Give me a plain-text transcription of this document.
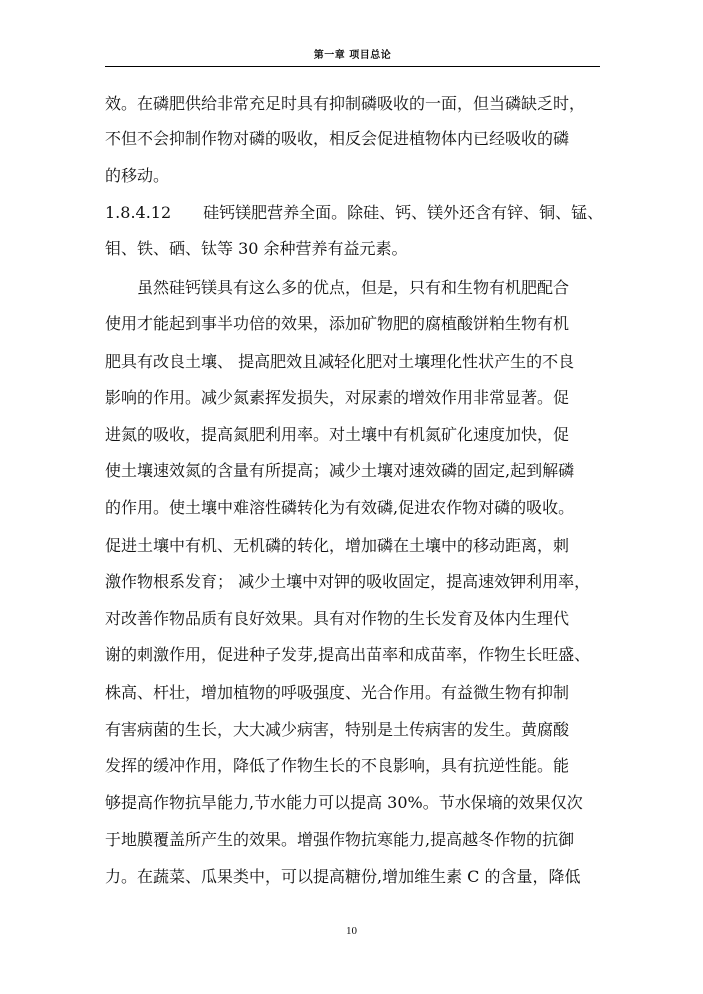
第一章 项目总论
效。在磷肥供给非常充足时具有抑制磷吸收的一面，但当磷缺乏时，
不但不会抑制作物对磷的吸收，相反会促进植物体内已经吸收的磷
的移动。
1.8.4.12　　硅钙镁肥营养全面。除硅、钙、镁外还含有锌、铜、锰、
钼、铁、硒、钛等 30 余种营养有益元素。
　　虽然硅钙镁具有这么多的优点，但是，只有和生物有机肥配合
使用才能起到事半功倍的效果，添加矿物肥的腐植酸饼粕生物有机
肥具有改良土壤、 提高肥效且减轻化肥对土壤理化性状产生的不良
影响的作用。减少氮素挥发损失，对尿素的增效作用非常显著。促
进氮的吸收，提高氮肥利用率。对土壤中有机氮矿化速度加快，促
使土壤速效氮的含量有所提高；减少土壤对速效磷的固定,起到解磷
的作用。使土壤中难溶性磷转化为有效磷,促进农作物对磷的吸收。
促进土壤中有机、无机磷的转化，增加磷在土壤中的移动距离，刺
激作物根系发育； 减少土壤中对钾的吸收固定，提高速效钾利用率，
对改善作物品质有良好效果。具有对作物的生长发育及体内生理代
谢的刺激作用，促进种子发芽,提高出苗率和成苗率，作物生长旺盛、
株高、杆壮，增加植物的呼吸强度、光合作用。有益微生物有抑制
有害病菌的生长，大大减少病害，特别是土传病害的发生。黄腐酸
发挥的缓冲作用，降低了作物生长的不良影响，具有抗逆性能。能
够提高作物抗旱能力,节水能力可以提高 30%。节水保墒的效果仅次
于地膜覆盖所产生的效果。增强作物抗寒能力,提高越冬作物的抗御
力。在蔬菜、瓜果类中，可以提高糖份,增加维生素 C 的含量，降低
10
